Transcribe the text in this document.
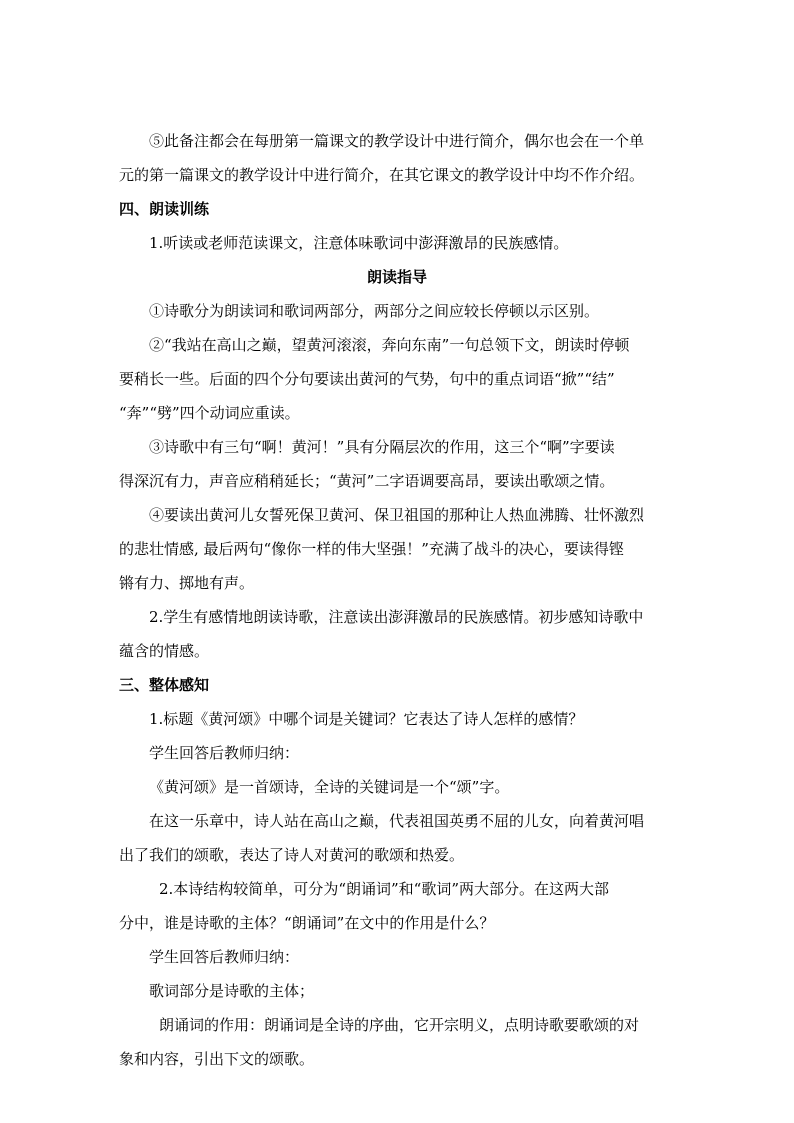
⑤此备注都会在每册第一篇课文的教学设计中进行简介，偶尔也会在一个单
元的第一篇课文的教学设计中进行简介，在其它课文的教学设计中均不作介绍。
四、朗读训练
1.听读或老师范读课文，注意体味歌词中澎湃激昂的民族感情。
朗读指导
①诗歌分为朗读词和歌词两部分，两部分之间应较长停顿以示区别。
②“我站在高山之巅，望黄河滚滚，奔向东南”一句总领下文，朗读时停顿
要稍长一些。后面的四个分句要读出黄河的气势，句中的重点词语“掀”“结”
“奔”“劈”四个动词应重读。
③诗歌中有三句“啊！黄河！”具有分隔层次的作用，这三个“啊”字要读
得深沉有力，声音应稍稍延长；“黄河”二字语调要高昂，要读出歌颂之情。
④要读出黄河儿女誓死保卫黄河、保卫祖国的那种让人热血沸腾、壮怀激烈
的悲壮情感, 最后两句“像你一样的伟大坚强！”充满了战斗的决心，要读得铿
锵有力、掷地有声。
2.学生有感情地朗读诗歌，注意读出澎湃激昂的民族感情。初步感知诗歌中
蕴含的情感。
三、整体感知
1.标题《黄河颂》中哪个词是关键词？它表达了诗人怎样的感情？
学生回答后教师归纳：
《黄河颂》是一首颂诗，全诗的关键词是一个“颂”字。
在这一乐章中，诗人站在高山之巅，代表祖国英勇不屈的儿女，向着黄河唱
出了我们的颂歌，表达了诗人对黄河的歌颂和热爱。
2.本诗结构较简单，可分为“朗诵词”和“歌词”两大部分。在这两大部
分中，谁是诗歌的主体？“朗诵词”在文中的作用是什么？
学生回答后教师归纳：
歌词部分是诗歌的主体；
朗诵词的作用：朗诵词是全诗的序曲，它开宗明义，点明诗歌要歌颂的对
象和内容，引出下文的颂歌。
